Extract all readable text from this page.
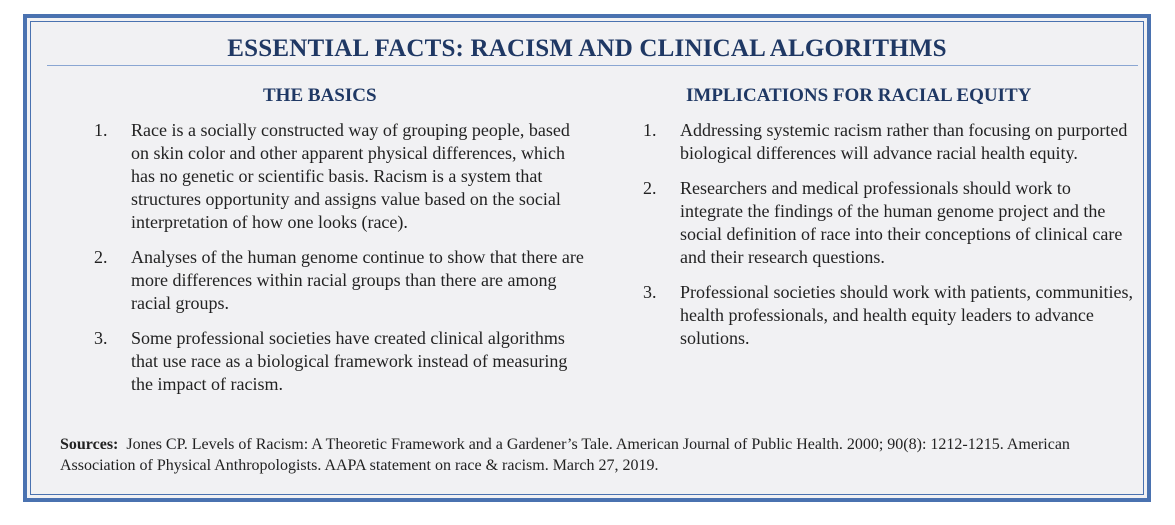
ESSENTIAL FACTS: RACISM AND CLINICAL ALGORITHMS
THE BASICS	IMPLICATIONS FOR RACIAL EQUITY
1.	Race is a socially constructed way of grouping people, based on skin color and other apparent physical differences, which has no genetic or scientific basis. Racism is a system that structures opportunity and assigns value based on the social interpretation of how one looks (race).
2.	Analyses of the human genome continue to show that there are more differences within racial groups than there are among racial groups.
3.	Some professional societies have created clinical algorithms that use race as a biological framework instead of measuring the impact of racism.
1.	Addressing systemic racism rather than focusing on purported biological differences will advance racial health equity.
2.	Researchers and medical professionals should work to integrate the findings of the human genome project and the social definition of race into their conceptions of clinical care and their research questions.
3.	Professional societies should work with patients, communities, health professionals, and health equity leaders to advance solutions.
Sources: Jones CP. Levels of Racism: A Theoretic Framework and a Gardener’s Tale. American Journal of Public Health. 2000; 90(8): 1212-1215. American Association of Physical Anthropologists. AAPA statement on race & racism. March 27, 2019.
